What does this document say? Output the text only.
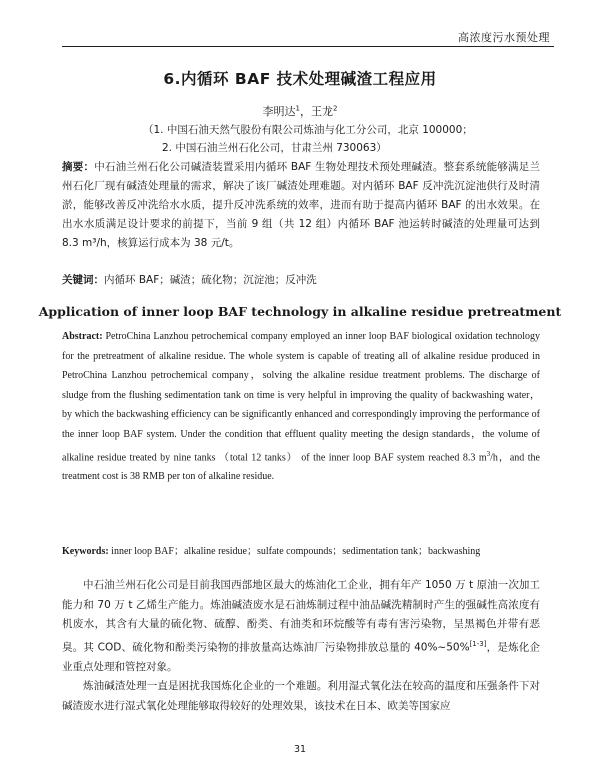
高浓度污水预处理
6.内循环 BAF 技术处理碱渣工程应用
李明达$^1$，王龙$^2$
（1. 中国石油天然气股份有限公司炼油与化工分公司，北京 100000；
2. 中国石油兰州石化公司，甘肃兰州 730063）
摘要：中石油兰州石化公司碱渣装置采用内循环 BAF 生物处理技术预处理碱渣。整套系统能够满足兰州石化厂现有碱渣处理量的需求，解决了该厂碱渣处理难题。对内循环 BAF 反冲洗沉淀池供行及时清淤，能够改善反冲洗给水水质，提升反冲洗系统的效率，进而有助于提高内循环 BAF 的出水效果。在出水水质满足设计要求的前提下，当前 9 组（共 12 组）内循环 BAF 池运转时碱渣的处理量可达到 8.3 m³/h，核算运行成本为 38 元/t。
关键词：内循环 BAF；碱渣；硫化物；沉淀池；反冲洗
Application of inner loop BAF technology in alkaline residue pretreatment
Abstract: PetroChina Lanzhou petrochemical company employed an inner loop BAF biological oxidation technology for the pretreatment of alkaline residue. The whole system is capable of treating all of alkaline residue produced in PetroChina Lanzhou petrochemical company，solving the alkaline residue treatment problems. The discharge of sludge from the flushing sedimentation tank on time is very helpful in improving the quality of backwashing water，by which the backwashing efficiency can be significantly enhanced and correspondingly improving the performance of the inner loop BAF system. Under the condition that effluent quality meeting the design standards，the volume of alkaline residue treated by nine tanks （total 12 tanks） of the inner loop BAF system reached 8.3 $m^3/h$，and the treatment cost is 38 RMB per ton of alkaline residue.
Keywords: inner loop BAF；alkaline residue；sulfate compounds；sedimentation tank；backwashing

中石油兰州石化公司是目前我国西部地区最大的炼油化工企业，拥有年产 1050 万 t 原油一次加工能力和 70 万 t 乙烯生产能力。炼油碱渣废水是石油炼制过程中油品碱洗精制时产生的强碱性高浓度有机废水，其含有大量的硫化物、硫醇、酚类、有油类和环烷酸等有毒有害污染物，呈黑褐色并带有恶臭。其 COD、硫化物和酚类污染物的排放量高达炼油厂污染物排放总量的 40%~50%[1-3]，是炼化企业重点处理和管控对象。

炼油碱渣处理一直是困扰我国炼化企业的一个难题。利用湿式氧化法在较高的温度和压强条件下对碱渣废水进行湿式氧化处理能够取得较好的处理效果，该技术在日本、欧美等国家应

31
